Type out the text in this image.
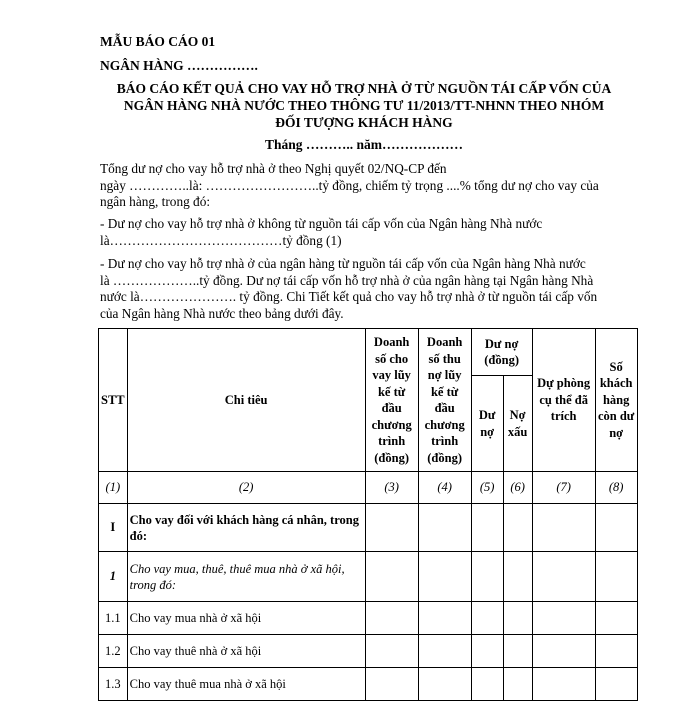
MẪU BÁO CÁO 01
NGÂN HÀNG …………….
BÁO CÁO KẾT QUẢ CHO VAY HỖ TRỢ NHÀ Ở TỪ NGUỒN TÁI CẤP VỐN CỦA
NGÂN HÀNG NHÀ NƯỚC THEO THÔNG TƯ 11/2013/TT-NHNN THEO NHÓM
ĐỐI TƯỢNG KHÁCH HÀNG
Tháng ……….. năm………………
Tổng dư nợ cho vay hỗ trợ nhà ở theo Nghị quyết 02/NQ-CP đến
ngày …………..là: ……………………..tỷ đồng, chiếm tỷ trọng ....% tổng dư nợ cho vay của
ngân hàng, trong đó:
- Dư nợ cho vay hỗ trợ nhà ở không từ nguồn tái cấp vốn của Ngân hàng Nhà nước
là…………………………………tỷ đồng (1)
- Dư nợ cho vay hỗ trợ nhà ở của ngân hàng từ nguồn tái cấp vốn của Ngân hàng Nhà nước
là ………………..tỷ đồng. Dư nợ tái cấp vốn hỗ trợ nhà ở của ngân hàng tại Ngân hàng Nhà
nước là…………………. tỷ đồng. Chi Tiết kết quả cho vay hỗ trợ nhà ở từ nguồn tái cấp vốn
của Ngân hàng Nhà nước theo bảng dưới đây.
STT	Chi tiêu	Doanh số cho vay lũy kế từ đầu chương trình (đồng)	Doanh số thu nợ lũy kế từ đầu chương trình (đồng)	Dư nợ (đồng)		Dự phòng cụ thể đã trích	Số khách hàng còn dư nợ
				Dư nợ	Nợ xấu		
(1)	(2)	(3)	(4)	(5)	(6)	(7)	(8)
I	Cho vay đối với khách hàng cá nhân, trong đó:						
1	Cho vay mua, thuê, thuê mua nhà ở xã hội, trong đó:						
1.1	Cho vay mua nhà ở xã hội						
1.2	Cho vay thuê nhà ở xã hội						
1.3	Cho vay thuê mua nhà ở xã hội						
